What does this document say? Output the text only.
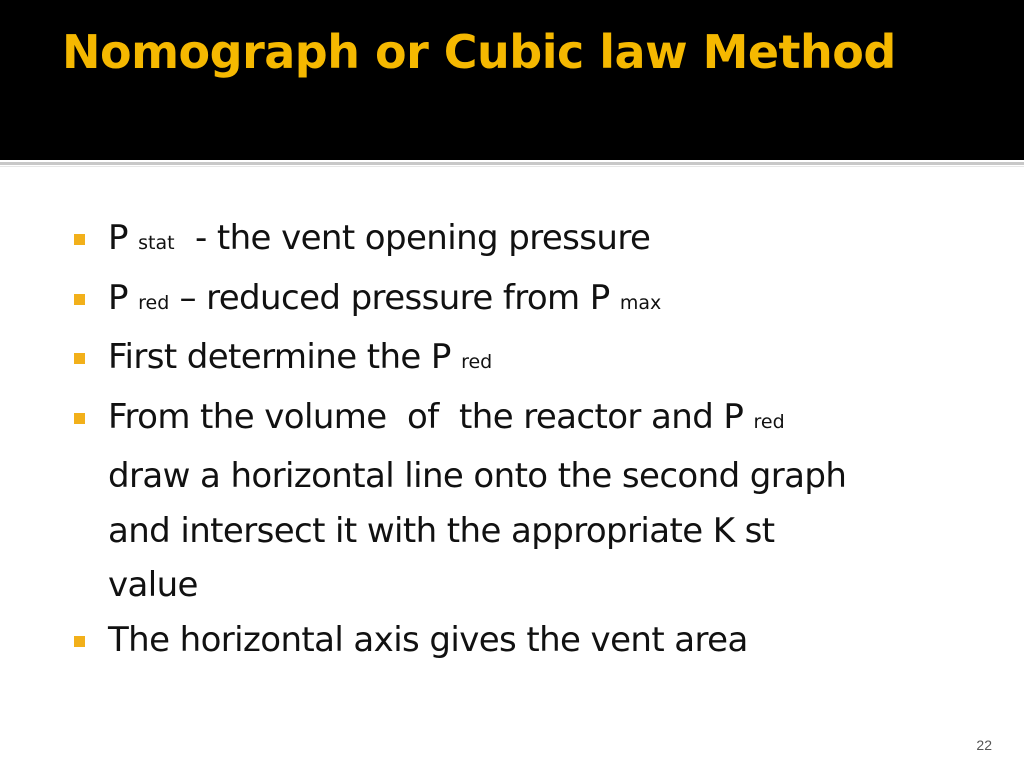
Nomograph or Cubic law Method
P stat  - the vent opening pressure
P red – reduced pressure from P max
First determine the P red
From the volume  of  the reactor and P red
draw a horizontal line onto the second graph
and intersect it with the appropriate K st
value
The horizontal axis gives the vent area
22
